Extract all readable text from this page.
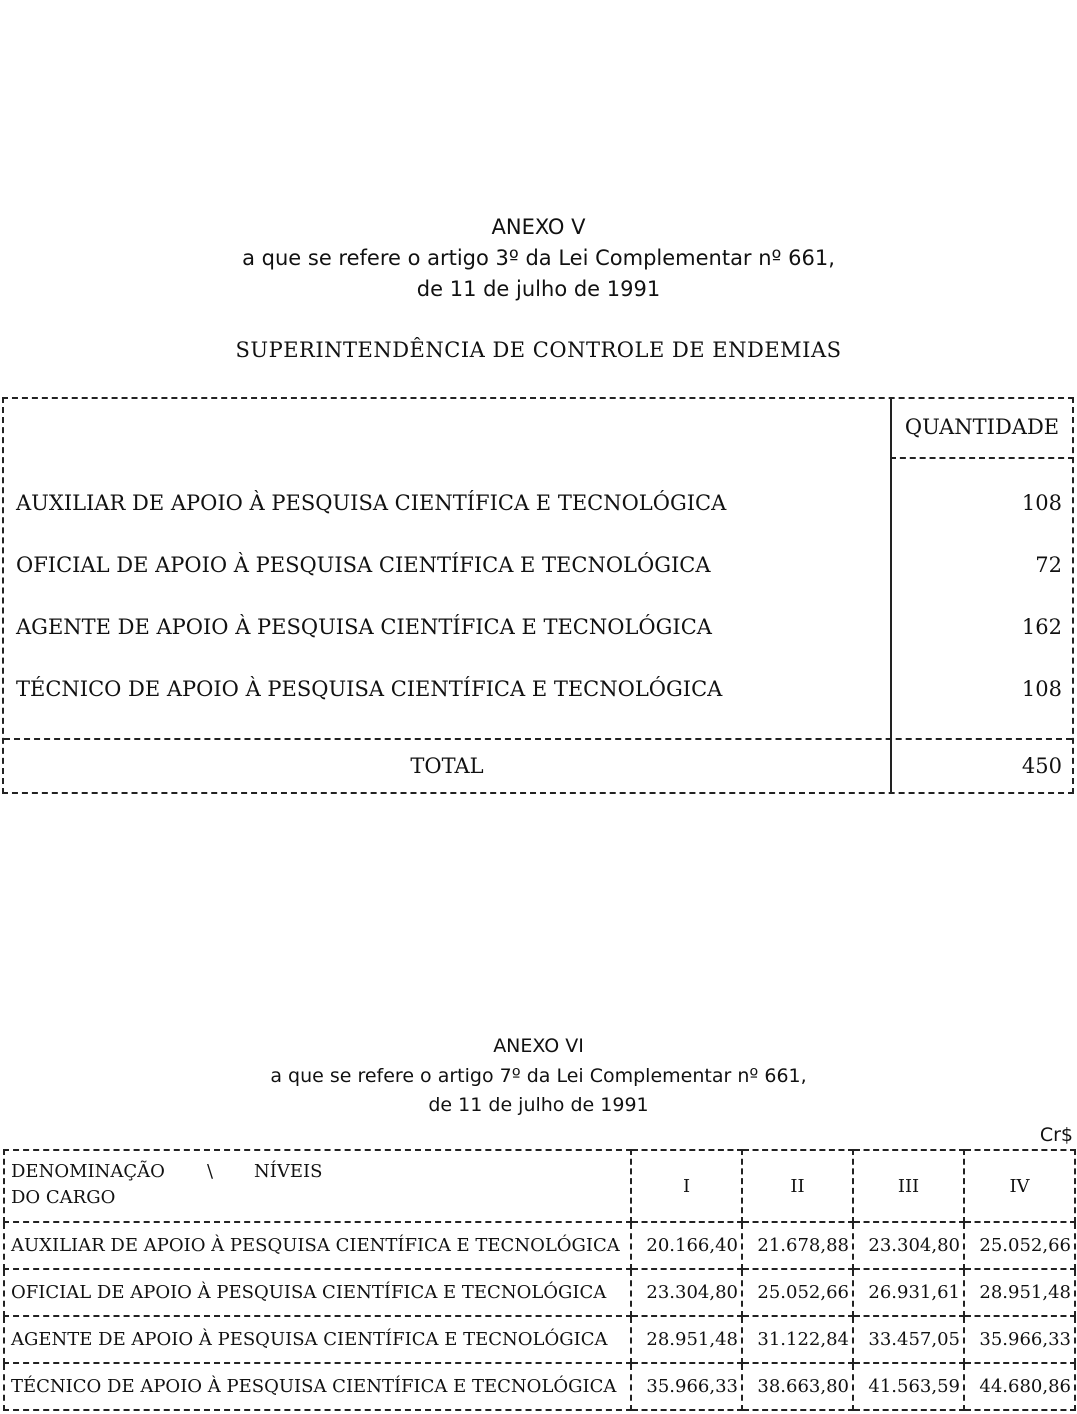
ANEXO V
a que se refere o artigo 3º da Lei Complementar nº 661,
de 11 de julho de 1991
SUPERINTENDÊNCIA DE CONTROLE DE ENDEMIAS
QUANTIDADE
AUXILIAR DE APOIO À PESQUISA CIENTÍFICA E TECNOLÓGICA	108
OFICIAL DE APOIO À PESQUISA CIENTÍFICA E TECNOLÓGICA	72
AGENTE DE APOIO À PESQUISA CIENTÍFICA E TECNOLÓGICA	162
TÉCNICO DE APOIO À PESQUISA CIENTÍFICA E TECNOLÓGICA	108
TOTAL	450
ANEXO VI
a que se refere o artigo 7º da Lei Complementar nº 661,
de 11 de julho de 1991
Cr$
DENOMINAÇÃO \ NÍVEIS
DO CARGO	I	II	III	IV
AUXILIAR DE APOIO À PESQUISA CIENTÍFICA E TECNOLÓGICA	20.166,40	21.678,88	23.304,80	25.052,66
OFICIAL DE APOIO À PESQUISA CIENTÍFICA E TECNOLÓGICA	23.304,80	25.052,66	26.931,61	28.951,48
AGENTE DE APOIO À PESQUISA CIENTÍFICA E TECNOLÓGICA	28.951,48	31.122,84	33.457,05	35.966,33
TÉCNICO DE APOIO À PESQUISA CIENTÍFICA E TECNOLÓGICA	35.966,33	38.663,80	41.563,59	44.680,86
